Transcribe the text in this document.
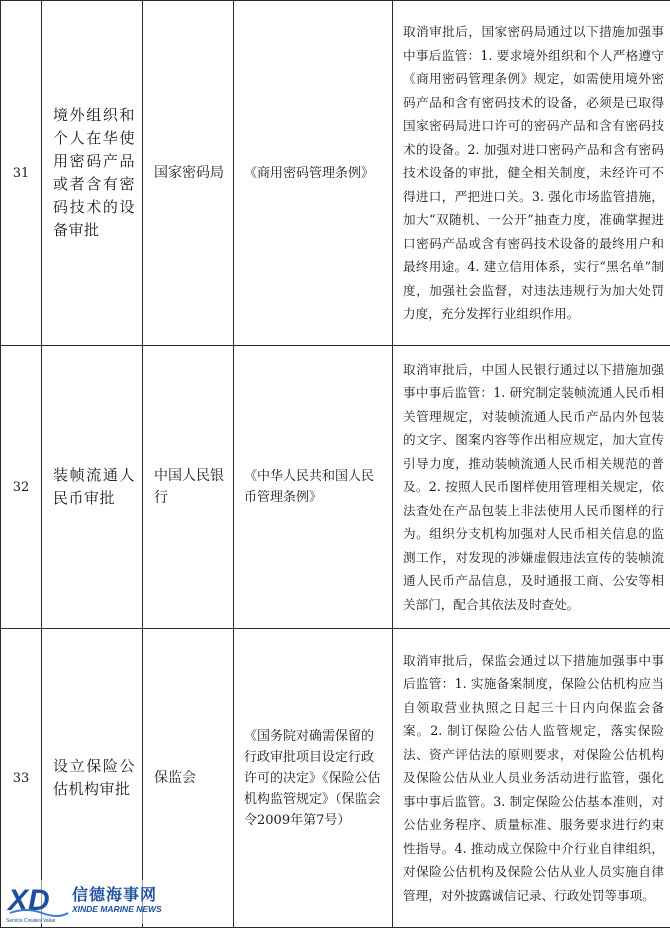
31	境外组织和个人在华使用密码产品或者含有密码技术的设备审批	国家密码局	《商用密码管理条例》	取消审批后，国家密码局通过以下措施加强事中事后监管：1. 要求境外组织和个人严格遵守《商用密码管理条例》规定，如需使用境外密码产品和含有密码技术的设备，必须是已取得国家密码局进口许可的密码产品和含有密码技术的设备。2. 加强对进口密码产品和含有密码技术设备的审批，健全相关制度，未经许可不得进口，严把进口关。3. 强化市场监管措施，加大“双随机、一公开”抽查力度，准确掌握进口密码产品或含有密码技术设备的最终用户和最终用途。4. 建立信用体系，实行“黑名单”制度，加强社会监督，对违法违规行为加大处罚力度，充分发挥行业组织作用。

32	装帧流通人民币审批	中国人民银行	《中华人民共和国人民币管理条例》	取消审批后，中国人民银行通过以下措施加强事中事后监管：1. 研究制定装帧流通人民币相关管理规定，对装帧流通人民币产品内外包装的文字、图案内容等作出相应规定，加大宣传引导力度，推动装帧流通人民币相关规范的普及。2. 按照人民币图样使用管理相关规定，依法查处在产品包装上非法使用人民币图样的行为。组织分支机构加强对人民币相关信息的监测工作，对发现的涉嫌虚假违法宣传的装帧流通人民币产品信息，及时通报工商、公安等相关部门，配合其依法及时查处。

33	设立保险公估机构审批	保监会	《国务院对确需保留的行政审批项目设定行政许可的决定》《保险公估机构监管规定》（保监会令2009年第7号）	取消审批后，保监会通过以下措施加强事中事后监管：1. 实施备案制度，保险公估机构应当自领取营业执照之日起三十日内向保监会备案。2. 制订保险公估人监管规定，落实保险法、资产评估法的原则要求，对保险公估机构及保险公估从业人员业务活动进行监管，强化事中事后监管。3. 制定保险公估基本准则，对公估业务程序、质量标准、服务要求进行约束性指导。4. 推动成立保险中介行业自律组织，对保险公估机构及保险公估从业人员实施自律管理，对外披露诚信记录、行政处罚等事项。
XD 信德海事网
XINDE MARINE NEWS
Service Creates Value
